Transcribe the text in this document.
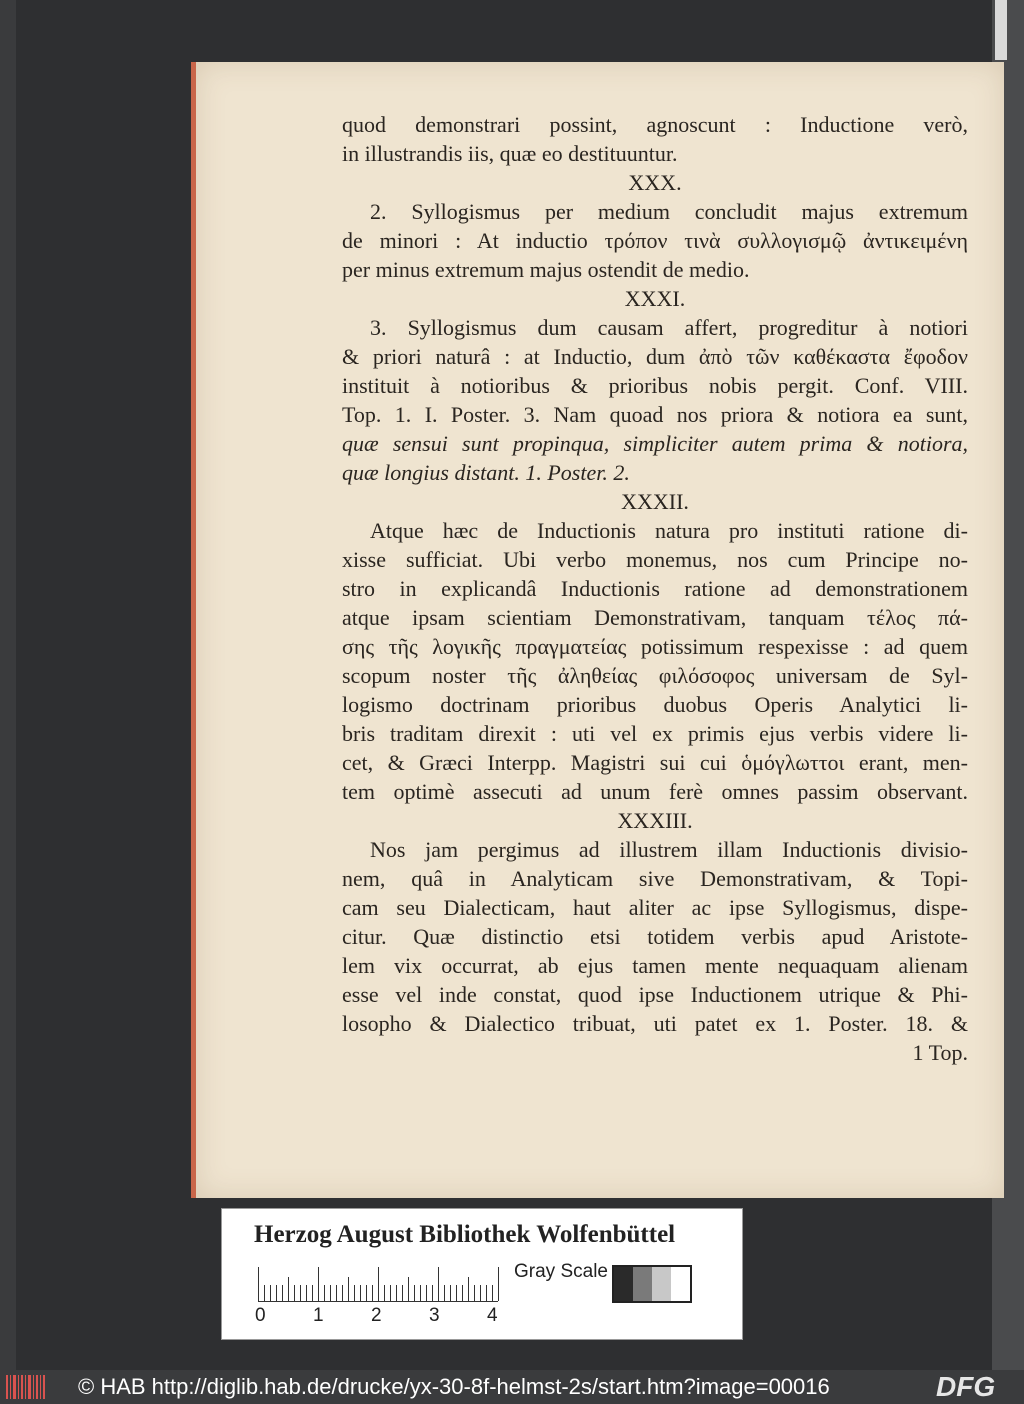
quod demonstrari possint, agnoscunt : Inductione verò,
in illustrandis iis, quæ eo destituuntur.
XXX.
2. Syllogismus per medium concludit majus extremum
de minori : At inductio τρόπον τινὰ συλλογισμῷ ἀντικειμένη
per minus extremum majus ostendit de medio.
XXXI.
3. Syllogismus dum causam affert, progreditur à notiori
& priori naturâ : at Inductio, dum ἀπὸ τῶν καθέκαστα ἔφοδον
instituit à notioribus & prioribus nobis pergit. Conf. VIII.
Top. 1. I. Poster. 3. Nam quoad nos priora & notiora ea sunt,
quæ sensui sunt propinqua, simpliciter autem prima & notiora,
quæ longius distant. 1. Poster. 2.
XXXII.
Atque hæc de Inductionis natura pro instituti ratione di-
xisse sufficiat. Ubi verbo monemus, nos cum Principe no-
stro in explicandâ Inductionis ratione ad demonstrationem
atque ipsam scientiam Demonstrativam, tanquam τέλος πά-
σης τῆς λογικῆς πραγματείας potissimum respexisse : ad quem
scopum noster τῆς ἀληθείας φιλόσοφος universam de Syl-
logismo doctrinam prioribus duobus Operis Analytici li-
bris traditam direxit : uti vel ex primis ejus verbis videre li-
cet, & Græci Interpp. Magistri sui cui ὁμόγλωττοι erant, men-
tem optimè assecuti ad unum ferè omnes passim observant.
XXXIII.
Nos jam pergimus ad illustrem illam Inductionis divisio-
nem, quâ in Analyticam sive Demonstrativam, & Topi-
cam seu Dialecticam, haut aliter ac ipse Syllogismus, dispe-
citur. Quæ distinctio etsi totidem verbis apud Aristote-
lem vix occurrat, ab ejus tamen mente nequaquam alienam
esse vel inde constat, quod ipse Inductionem utrique & Phi-
losopho & Dialectico tribuat, uti patet ex 1. Poster. 18. &
1 Top.
Herzog August Bibliothek Wolfenbüttel
0 1 2 3 4
Gray Scale
© HAB http://diglib.hab.de/drucke/yx-30-8f-helmst-2s/start.htm?image=00016	DFG
